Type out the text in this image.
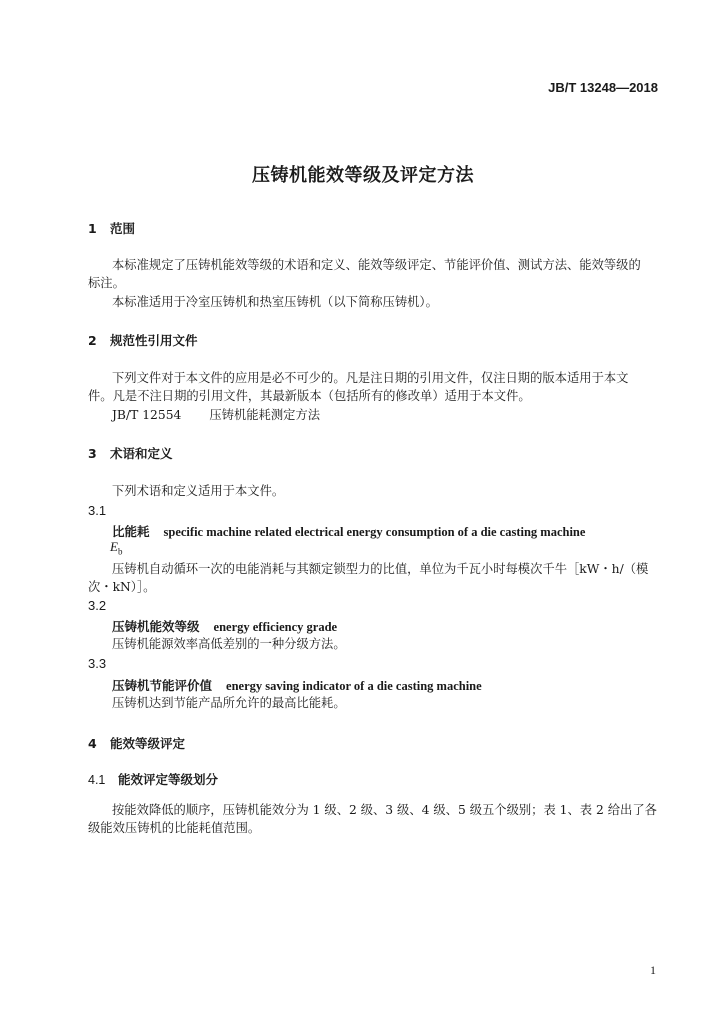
JB/T 13248—2018
压铸机能效等级及评定方法
1 范围
本标准规定了压铸机能效等级的术语和定义、能效等级评定、节能评价值、测试方法、能效等级的
标注。
本标准适用于冷室压铸机和热室压铸机（以下简称压铸机）。
2 规范性引用文件
下列文件对于本文件的应用是必不可少的。凡是注日期的引用文件，仅注日期的版本适用于本文
件。凡是不注日期的引用文件，其最新版本（包括所有的修改单）适用于本文件。
JB/T 12554 压铸机能耗测定方法
3 术语和定义
下列术语和定义适用于本文件。
3.1
比能耗 specific machine related electrical energy consumption of a die casting machine
$E_b$
压铸机自动循环一次的电能消耗与其额定锁型力的比值，单位为千瓦小时每模次千牛［kW・h/（模
次・kN）］。
3.2
压铸机能效等级 energy efficiency grade
压铸机能源效率高低差别的一种分级方法。
3.3
压铸机节能评价值 energy saving indicator of a die casting machine
压铸机达到节能产品所允许的最高比能耗。
4 能效等级评定
4.1 能效评定等级划分
按能效降低的顺序，压铸机能效分为 1 级、2 级、3 级、4 级、5 级五个级别；表 1、表 2 给出了各
级能效压铸机的比能耗值范围。
1
